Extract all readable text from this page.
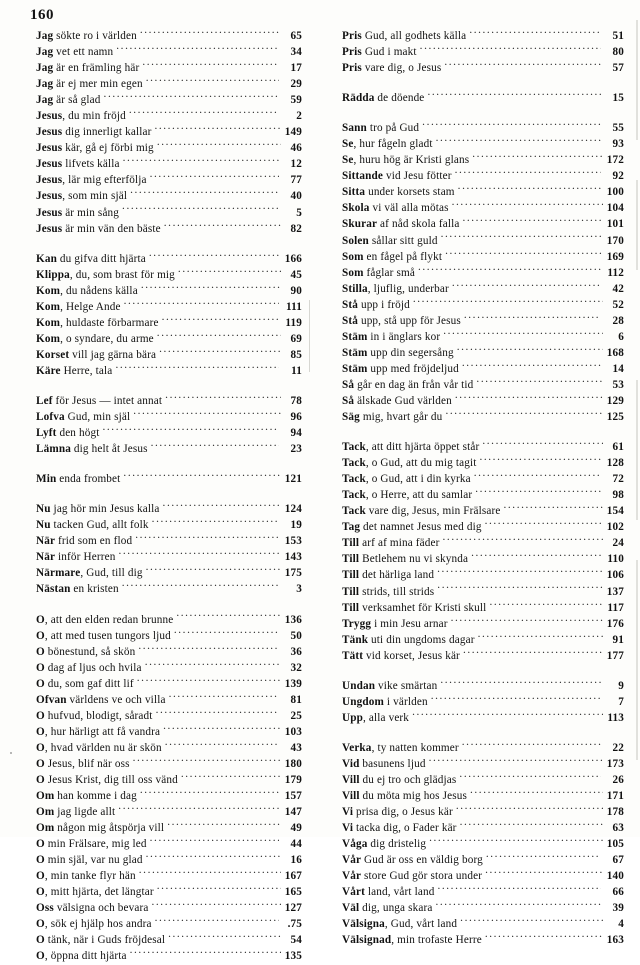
160
Jag sökte ro i världen .....	65
Jag vet ett namn .....	34
Jag är en främling här .....	17
Jag är ej mer min egen .....	29
Jag är så glad .....	59
Jesus, du min fröjd .....	2
Jesus dig innerligt kallar .....	149
Jesus kär, gå ej förbi mig .....	46
Jesus lifvets källa .....	12
Jesus, lär mig efterfölja .....	77
Jesus, som min själ .....	40
Jesus är min sång .....	5
Jesus är min vän den bäste .....	82
Kan du gifva ditt hjärta .....	166
Klippa, du, som brast för mig .....	45
Kom, du nådens källa .....	90
Kom, Helge Ande .....	111
Kom, huldaste förbarmare .....	119
Kom, o syndare, du arme .....	69
Korset vill jag gärna bära .....	85
Käre Herre, tala .....	11
Lef för Jesus — intet annat .....	78
Lofva Gud, min själ .....	96
Lyft den högt .....	94
Lämna dig helt åt Jesus .....	23
Min enda frombet .....	121
Nu jag hör min Jesus kalla .....	124
Nu tacken Gud, allt folk .....	19
När frid som en flod .....	153
När inför Herren .....	143
Närmare, Gud, till dig .....	175
Nästan en kristen .....	3
O, att den elden redan brunne .....	136
O, att med tusen tungors ljud .....	50
O bönestund, så skön .....	36
O dag af ljus och hvila .....	32
O du, som gaf ditt lif .....	139
Ofvan världens ve och villa .....	81
O hufvud, blodigt, såradt .....	25
O, hur härligt att få vandra .....	103
O, hvad världen nu är skön .....	43
O Jesus, blif när oss .....	180
O Jesus Krist, dig till oss vänd .....	179
Om han komme i dag .....	157
Om jag ligde allt .....	147
Om någon mig åtspörja vill .....	49
O min Frälsare, mig led .....	44
O min själ, var nu glad .....	16
O, min tanke flyr hän .....	167
O, mitt hjärta, det längtar .....	165
Oss välsigna och bevara .....	127
O, sök ej hjälp hos andra .....	.75
O tänk, när i Guds fröjdesal .....	54
O, öppna ditt hjärta .....	135
Pris Gud, all godhets källa .....	51
Pris Gud i makt .....	80
Pris vare dig, o Jesus .....	57
Rädda de döende .....	15
Sann tro på Gud .....	55
Se, hur fågeln gladt .....	93
Se, huru hög är Kristi glans .....	172
Sittande vid Jesu fötter .....	92
Sitta under korsets stam .....	100
Skola vi väl alla mötas .....	104
Skurar af nåd skola falla .....	101
Solen sållar sitt guld .....	170
Som en fågel på flykt .....	169
Som fåglar små .....	112
Stilla, ljuflig, underbar .....	42
Stå upp i fröjd .....	52
Stå upp, stå upp för Jesus .....	28
Stäm in i änglars kor .....	6
Stäm upp din segersång .....	168
Stäm upp med fröjdeljud .....	14
Så går en dag än från vår tid .....	53
Så älskade Gud världen .....	129
Säg mig, hvart går du .....	125
Tack, att ditt hjärta öppet står .....	61
Tack, o Gud, att du mig tagit .....	128
Tack, o Gud, att i din kyrka .....	72
Tack, o Herre, att du samlar .....	98
Tack vare dig, Jesus, min Frälsare .....	154
Tag det namnet Jesus med dig .....	102
Till arf af mina fäder .....	24
Till Betlehem nu vi skynda .....	110
Till det härliga land .....	106
Till strids, till strids .....	137
Till verksamhet för Kristi skull .....	117
Trygg i min Jesu arnar .....	176
Tänk uti din ungdoms dagar .....	91
Tätt vid korset, Jesus kär .....	177
Undan vike smärtan .....	9
Ungdom i världen .....	7
Upp, alla verk .....	113
Verka, ty natten kommer .....	22
Vid basunens ljud .....	173
Vill du ej tro och glädjas .....	26
Vill du möta mig hos Jesus .....	171
Vi prisa dig, o Jesus kär .....	178
Vi tacka dig, o Fader kär .....	63
Våga dig dristelig .....	105
Vår Gud är oss en väldig borg .....	67
Vår store Gud gör stora under .....	140
Vårt land, vårt land .....	66
Väl dig, unga skara .....	39
Välsigna, Gud, vårt land .....	4
Välsignad, min trofaste Herre .....	163
